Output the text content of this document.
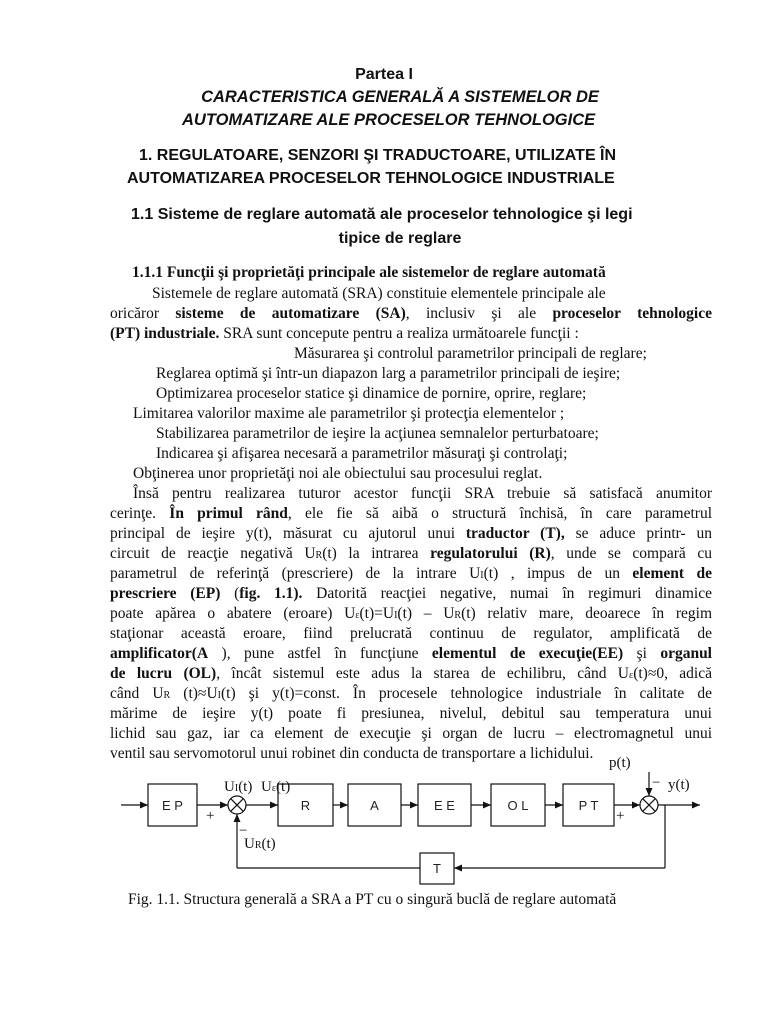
Partea I
CARACTERISTICA GENERALĂ A SISTEMELOR DE
AUTOMATIZARE ALE PROCESELOR TEHNOLOGICE
1. REGULATOARE, SENZORI ŞI TRADUCTOARE, UTILIZATE ÎN
AUTOMATIZAREA PROCESELOR TEHNOLOGICE INDUSTRIALE
1.1 Sisteme de reglare automată ale proceselor tehnologice şi legi
tipice de reglare
1.1.1 Funcţii şi proprietăţi principale ale sistemelor de reglare automată
Sistemele de reglare automată (SRA) constituie elementele principale ale
oricăror sisteme de automatizare (SA), inclusiv şi ale proceselor tehnologice
(PT) industriale. SRA sunt concepute pentru a realiza următoarele funcţii :
Măsurarea şi controlul parametrilor principali de reglare;
Reglarea optimă şi într-un diapazon larg a parametrilor principali de ieşire;
Optimizarea proceselor statice şi dinamice de pornire, oprire, reglare;
Limitarea valorilor maxime ale parametrilor şi protecţia elementelor ;
Stabilizarea parametrilor de ieşire la acţiunea semnalelor perturbatoare;
Indicarea şi afişarea necesară a parametrilor măsuraţi şi controlaţi;
Obţinerea unor proprietăţi noi ale obiectului sau procesului reglat.
Însă pentru realizarea tuturor acestor funcţii SRA trebuie să satisfacă anumitor
cerinţe. În primul rând, ele fie să aibă o structură închisă, în care parametrul
principal de ieşire y(t), măsurat cu ajutorul unui traductor (T), se aduce printr- un
circuit de reacţie negativă UR(t) la intrarea regulatorului (R), unde se compară cu
parametrul de referinţă (prescriere) de la intrare UI(t) , impus de un element de
prescriere (EP) (fig. 1.1). Datorită reacţiei negative, numai în regimuri dinamice
poate apărea o abatere (eroare) Uε(t)=UI(t) – UR(t) relativ mare, deoarece în regim
staţionar această eroare, fiind prelucrată continuu de regulator, amplificată de
amplificator(A ), pune astfel în funcţiune elementul de execuţie(EE) şi organul
de lucru (OL), încât sistemul este adus la starea de echilibru, când Uε(t)≈0, adică
când UR (t)≈UI(t) şi y(t)=const. În procesele tehnologice industriale în calitate de
mărime de ieşire y(t) poate fi presiunea, nivelul, debitul sau temperatura unui
lichid sau gaz, iar ca element de execuţie şi organ de lucru – electromagnetul unui
ventil sau servomotorul unui robinet din conducta de transportare a lichidului.
E P	R	A	E E	O L	P T
T
UI(t) Uε(t)
UR(t)
p(t)
y(t)
+	+
−
−
Fig. 1.1. Structura generală a SRA a PT cu o singură buclă de reglare automată
